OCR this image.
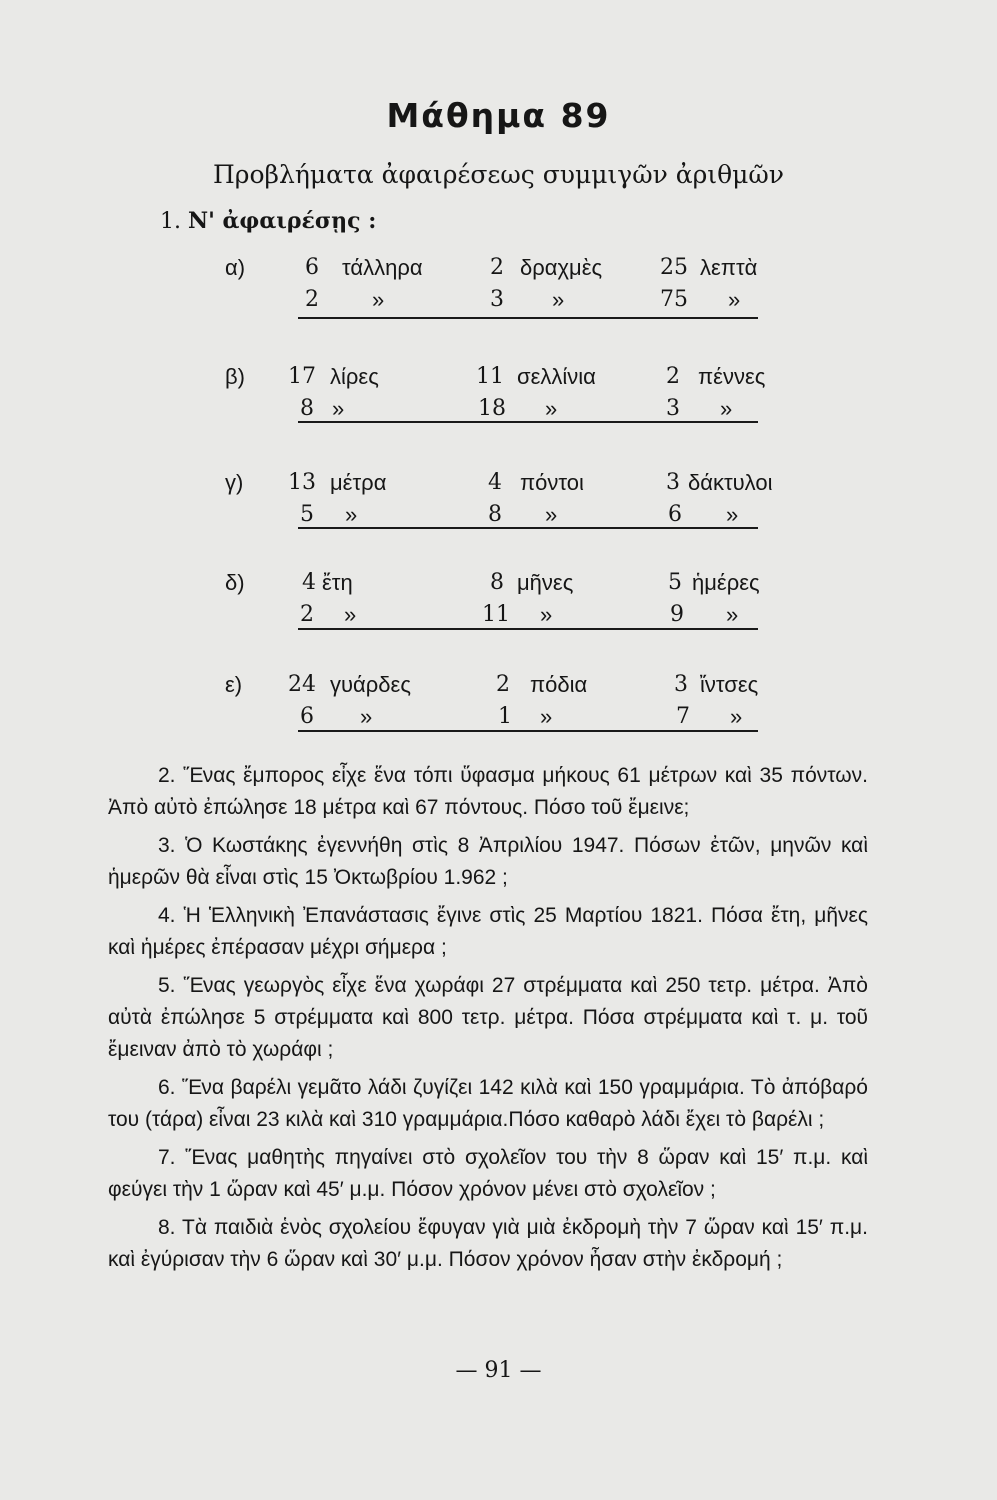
Μάθημα 89
Προβλήματα ἀφαιρέσεως συμμιγῶν ἀριθμῶν
1. Ν' ἀφαιρέσῃς :
α)	6 τάλληρα	2 δραχμὲς	25 λεπτὰ
2 »	3 »	75 »
β) 17 λίρες	11 σελλίνια	2 πέννες
8 »	18 »	3 »
γ) 13 μέτρα	4 πόντοι	3 δάκτυλοι
5 »	8 »	6 »
δ)	4 ἔτη	8 μῆνες	5 ἡμέρες
2 »	11 »	9 »
ε) 24 γυάρδες	2 πόδια	3 ἴντσες
6 »	1 »	7 »

2. Ἕνας ἔμπορος εἶχε ἕνα τόπι ὕφασμα μήκους 61 μέτρων καὶ 35 πόντων. Ἀπὸ αὐτὸ ἐπώλησε 18 μέτρα καὶ 67 πόντους. Πόσο τοῦ ἔμεινε;

3. Ὁ Κωστάκης ἐγεννήθη στὶς 8 Ἀπριλίου 1947. Πόσων ἐτῶν, μηνῶν καὶ ἡμερῶν θὰ εἶναι στὶς 15 Ὀκτωβρίου 1.962 ;

4. Ἡ Ἑλληνικὴ Ἐπανάστασις ἔγινε στὶς 25 Μαρτίου 1821. Πόσα ἔτη, μῆνες καὶ ἡμέρες ἐπέρασαν μέχρι σήμερα ;

5. Ἕνας γεωργὸς εἶχε ἕνα χωράφι 27 στρέμματα καὶ 250 τετρ. μέτρα. Ἀπὸ αὐτὰ ἐπώλησε 5 στρέμματα καὶ 800 τετρ. μέτρα. Πόσα στρέμματα καὶ τ. μ. τοῦ ἔμειναν ἀπὸ τὸ χωράφι ;

6. Ἕνα βαρέλι γεμᾶτο λάδι ζυγίζει 142 κιλὰ καὶ 150 γραμμάρια. Τὸ ἀπόβαρό του (τάρα) εἶναι 23 κιλὰ καὶ 310 γραμμάρια.Πόσο καθαρὸ λάδι ἔχει τὸ βαρέλι ;

7. Ἕνας μαθητὴς πηγαίνει στὸ σχολεῖον του τὴν 8 ὥραν καὶ 15′ π.μ. καὶ φεύγει τὴν 1 ὥραν καὶ 45′ μ.μ. Πόσον χρόνον μένει στὸ σχολεῖον ;

8. Τὰ παιδιὰ ἑνὸς σχολείου ἔφυγαν γιὰ μιὰ ἐκδρομὴ τὴν 7 ὥραν καὶ 15′ π.μ. καὶ ἐγύρισαν τὴν 6 ὥραν καὶ 30′ μ.μ. Πόσον χρόνον ἦσαν στὴν ἐκδρομή ;

— 91 —
